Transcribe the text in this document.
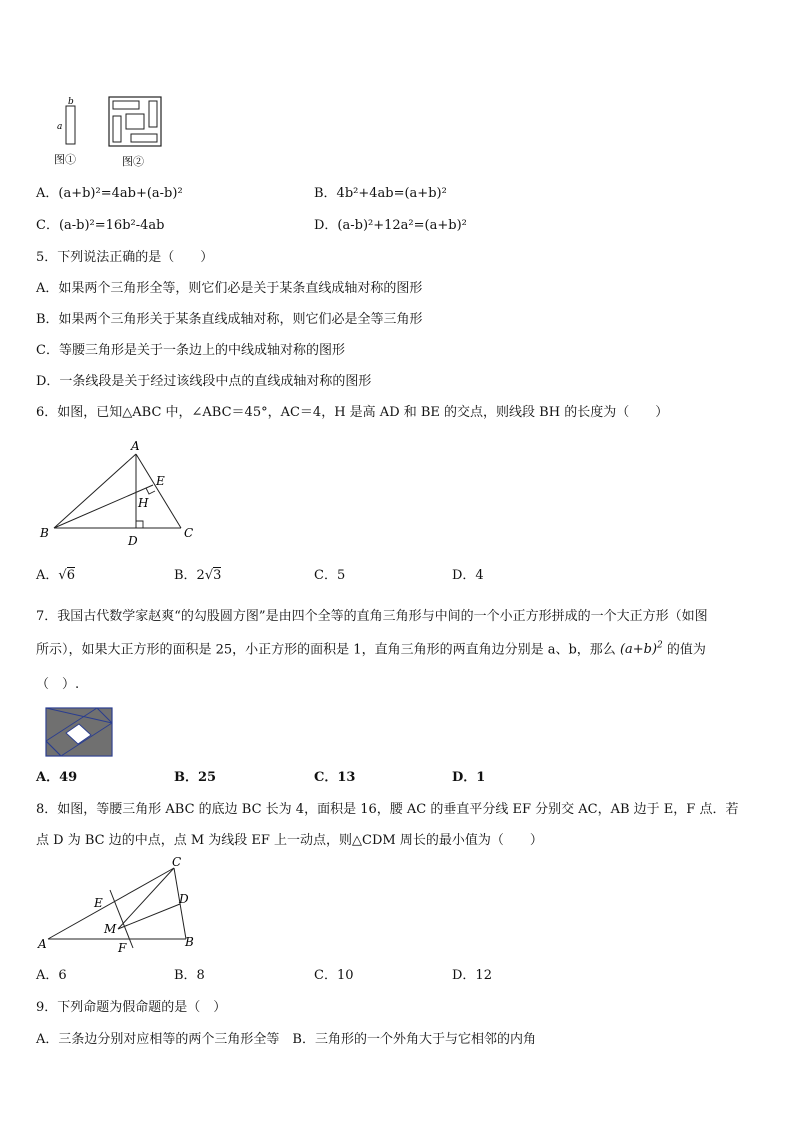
b
a
图①	图②
A．(a+b)²=4ab+(a-b)²	B．4b²+4ab=(a+b)²
C．(a-b)²=16b²-4ab	D．(a-b)²+12a²=(a+b)²
5．下列说法正确的是（　　）
A．如果两个三角形全等，则它们必是关于某条直线成轴对称的图形
B．如果两个三角形关于某条直线成轴对称，则它们必是全等三角形
C．等腰三角形是关于一条边上的中线成轴对称的图形
D．一条线段是关于经过该线段中点的直线成轴对称的图形
6．如图，已知△ABC 中，∠ABC＝45°，AC＝4，H 是高 AD 和 BE 的交点，则线段 BH 的长度为（　　）
A
E
H
B	C
D
A．√6	B．2√3	C．5	D．4
7．我国古代数学家赵爽“的勾股圆方图”是由四个全等的直角三角形与中间的一个小正方形拼成的一个大正方形（如图
所示），如果大正方形的面积是 25，小正方形的面积是 1，直角三角形的两直角边分别是 a、b，那么 $(a+b)^2$ 的值为
（　）.
A．49	B．25	C．13	D．1
8．如图，等腰三角形 ABC 的底边 BC 长为 4，面积是 16，腰 AC 的垂直平分线 EF 分别交 AC，AB 边于 E，F 点．若
点 D 为 BC 边的中点，点 M 为线段 EF 上一动点，则△CDM 周长的最小值为（　　）
C
E	D
M
A	B
F
A．6	B．8	C．10	D．12
9．下列命题为假命题的是（　）
A．三条边分别对应相等的两个三角形全等　B．三角形的一个外角大于与它相邻的内角
